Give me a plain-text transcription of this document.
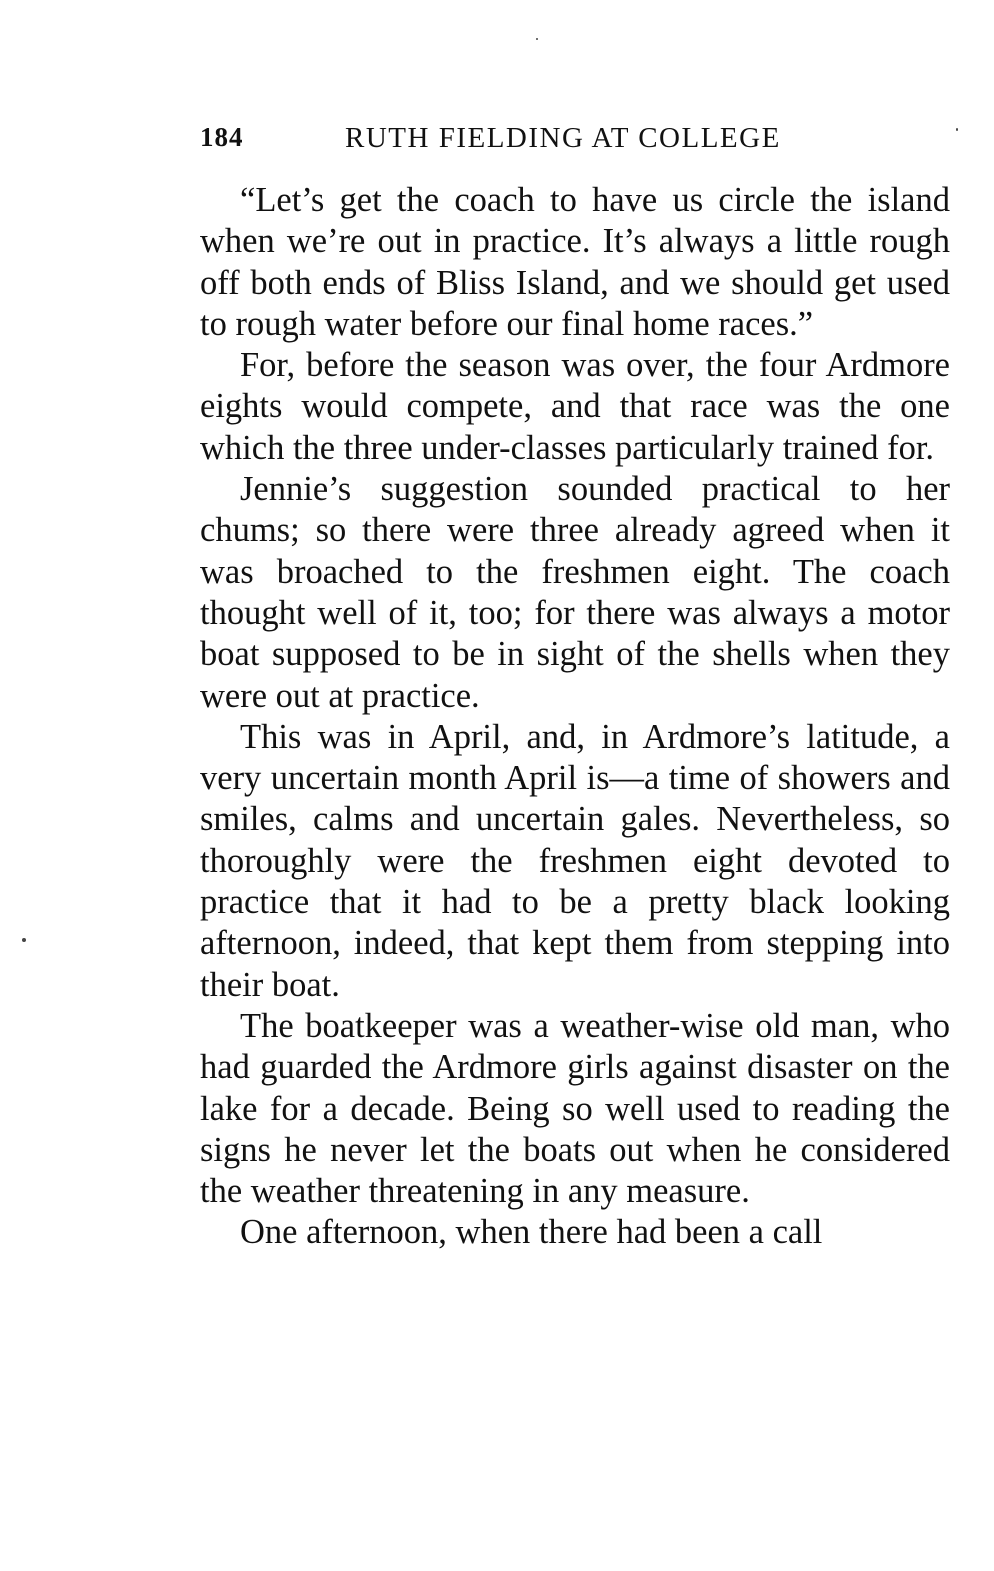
184	RUTH FIELDING AT COLLEGE

“Let’s get the coach to have us circle the island when we’re out in practice. It’s always a little rough off both ends of Bliss Island, and we should get used to rough water before our final home races.”

For, before the season was over, the four Ardmore eights would compete, and that race was the one which the three under-classes particularly trained for.

Jennie’s suggestion sounded practical to her chums; so there were three already agreed when it was broached to the freshmen eight. The coach thought well of it, too; for there was always a motor boat supposed to be in sight of the shells when they were out at practice.

This was in April, and, in Ardmore’s latitude, a very uncertain month April is—a time of showers and smiles, calms and uncertain gales. Nevertheless, so thoroughly were the freshmen eight devoted to practice that it had to be a pretty black looking afternoon, indeed, that kept them from stepping into their boat.

The boatkeeper was a weather-wise old man, who had guarded the Ardmore girls against disaster on the lake for a decade. Being so well used to reading the signs he never let the boats out when he considered the weather threatening in any measure.

One afternoon, when there had been a call
